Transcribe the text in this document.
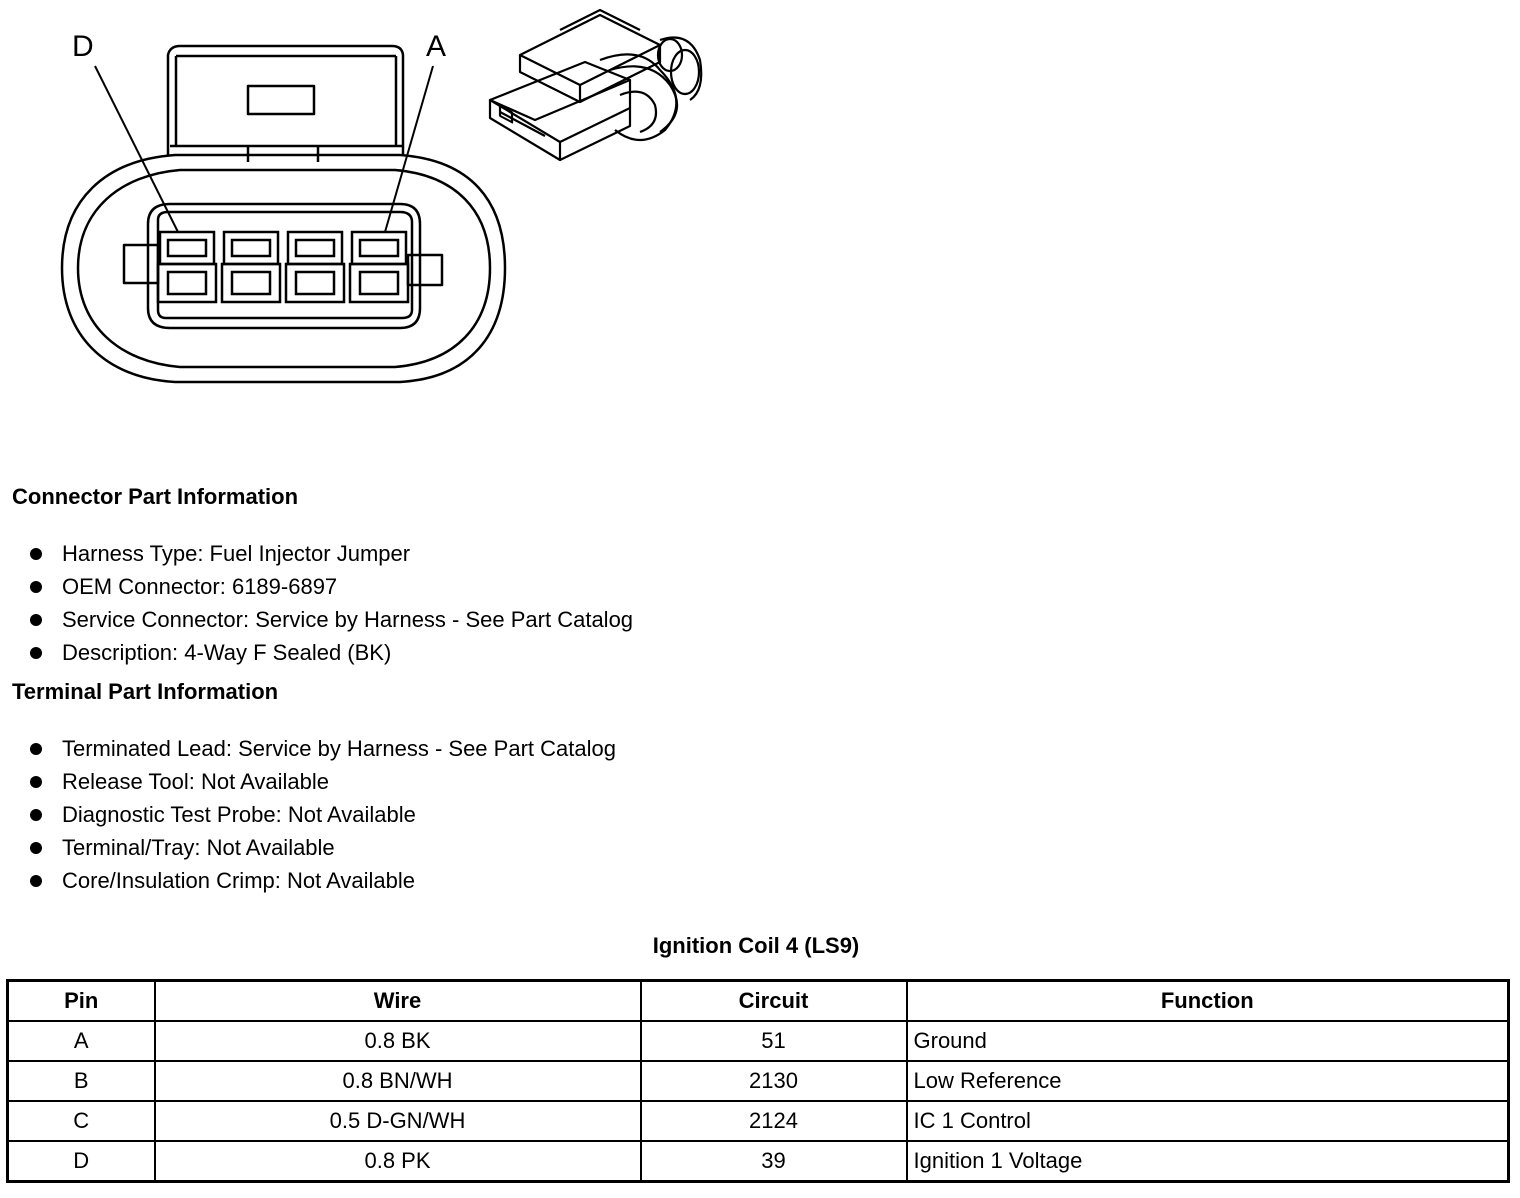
D	A
Connector Part Information
Harness Type: Fuel Injector Jumper
OEM Connector: 6189-6897
Service Connector: Service by Harness - See Part Catalog
Description: 4-Way F Sealed (BK)
Terminal Part Information
Terminated Lead: Service by Harness - See Part Catalog
Release Tool: Not Available
Diagnostic Test Probe: Not Available
Terminal/Tray: Not Available
Core/Insulation Crimp: Not Available
Ignition Coil 4 (LS9)
Pin	Wire	Circuit	Function
A	0.8 BK	51	Ground
B	0.8 BN/WH	2130	Low Reference
C	0.5 D-GN/WH	2124	IC 1 Control
D	0.8 PK	39	Ignition 1 Voltage
